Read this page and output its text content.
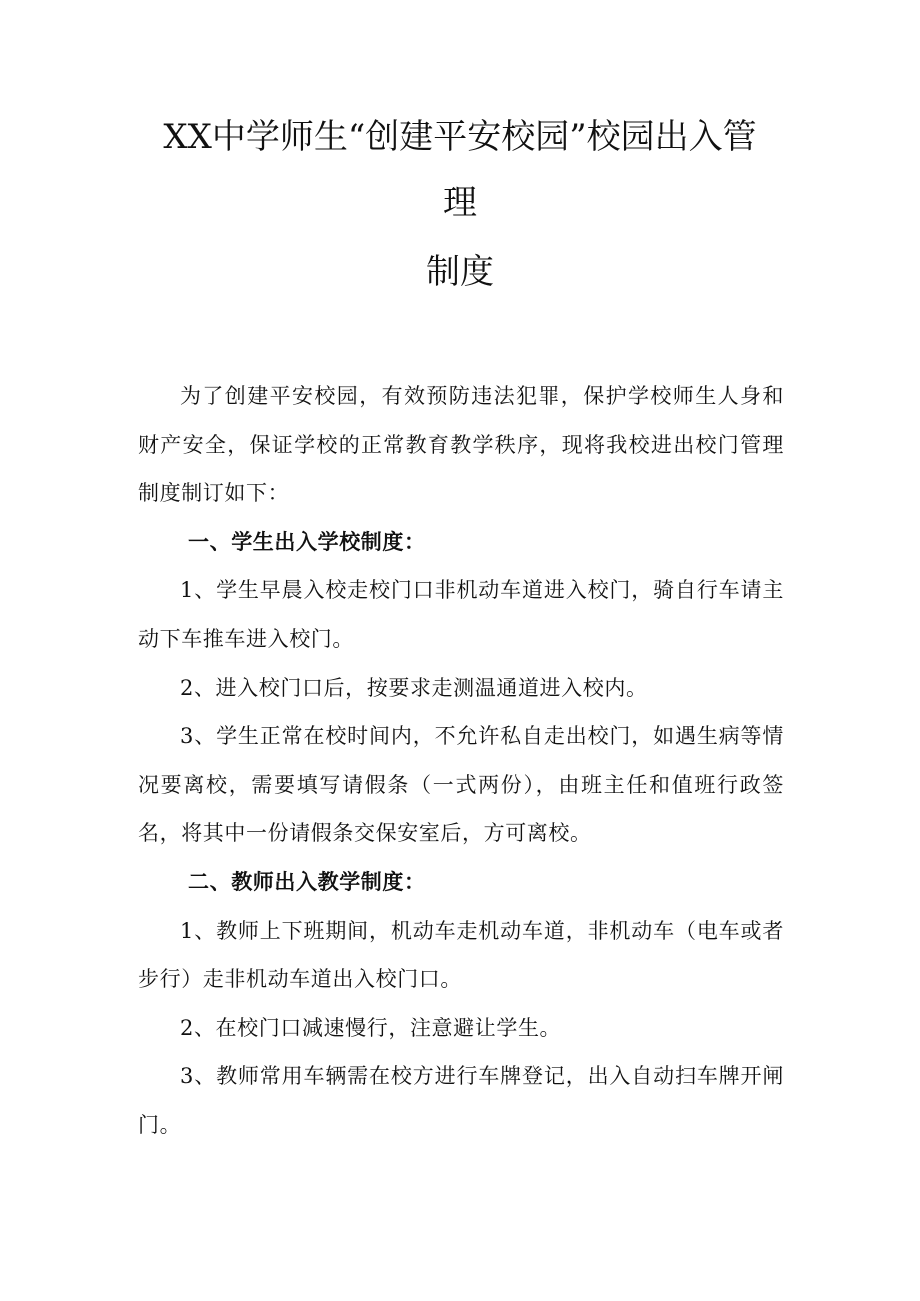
XX中学师生“创建平安校园”校园出入管
理
制度

为了创建平安校园，有效预防违法犯罪，保护学校师生人身和财产安全，保证学校的正常教育教学秩序，现将我校进出校门管理制度制订如下：

一、学生出入学校制度：

1、学生早晨入校走校门口非机动车道进入校门，骑自行车请主动下车推车进入校门。

2、进入校门口后，按要求走测温通道进入校内。

3、学生正常在校时间内，不允许私自走出校门，如遇生病等情况要离校，需要填写请假条（一式两份），由班主任和值班行政签名，将其中一份请假条交保安室后，方可离校。

二、教师出入教学制度：

1、教师上下班期间，机动车走机动车道，非机动车（电车或者步行）走非机动车道出入校门口。

2、在校门口减速慢行，注意避让学生。

3、教师常用车辆需在校方进行车牌登记，出入自动扫车牌开闸门。
